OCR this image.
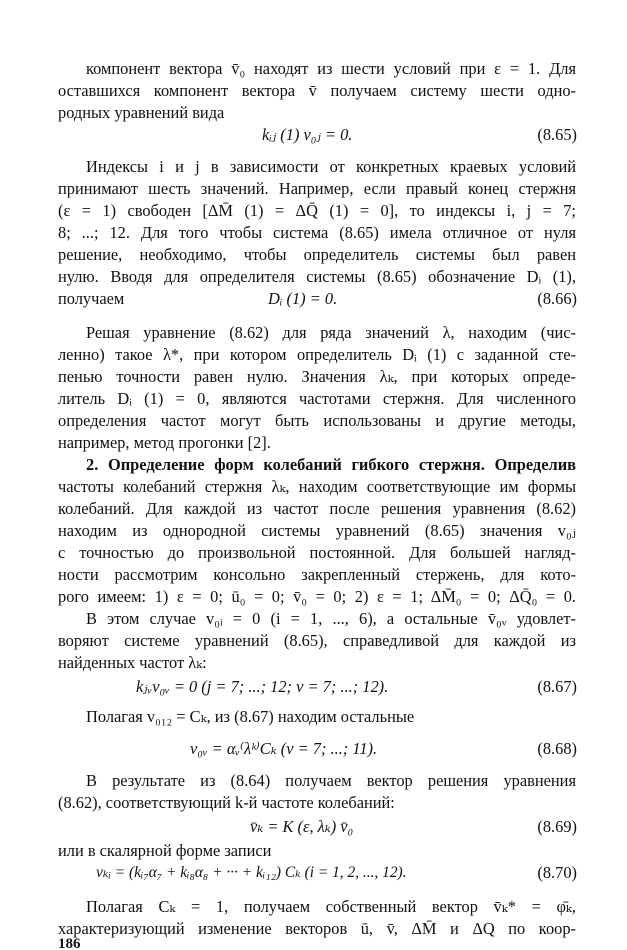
компонент вектора v̄₀ находят из шести условий при ε = 1. Для
оставшихся компонент вектора v̄ получаем систему шести одно-
родных уравнений вида
kᵢⱼ (1) v₀ⱼ = 0.	(8.65)
Индексы i и j в зависимости от конкретных краевых условий
принимают шесть значений. Например, если правый конец стержня
(ε = 1) свободен [ΔM̄ (1) = ΔQ̄ (1) = 0], то индексы i, j = 7;
8; ...; 12. Для того чтобы система (8.65) имела отличное от нуля
решение, необходимо, чтобы определитель системы был равен
нулю. Вводя для определителя системы (8.65) обозначение Dᵢ (1),
получаем	Dᵢ (1) = 0.	(8.66)
Решая уравнение (8.62) для ряда значений λ, находим (чис-
ленно) такое λ*, при котором определитель Dᵢ (1) с заданной сте-
пенью точности равен нулю. Значения λₖ, при которых опреде-
литель Dᵢ (1) = 0, являются частотами стержня. Для численного
определения частот могут быть использованы и другие методы,
например, метод прогонки [2].
2. Определение форм колебаний гибкого стержня. Определив
частоты колебаний стержня λₖ, находим соответствующие им формы
колебаний. Для каждой из частот после решения уравнения (8.62)
находим из однородной системы уравнений (8.65) значения v₀ⱼ
с точностью до произвольной постоянной. Для большей нагляд-
ности рассмотрим консольно закрепленный стержень, для кото-
рого имеем: 1) ε = 0; ū₀ = 0; v̄₀ = 0; 2) ε = 1; ΔM̄₀ = 0; ΔQ̄₀ = 0.
В этом случае v₀ᵢ = 0 (i = 1, ..., 6), а остальные v̄₀ᵥ удовлет-
воряют системе уравнений (8.65), справедливой для каждой из
найденных частот λₖ:
kⱼᵥv₀ᵥ = 0 (j = 7; ...; 12; ν = 7; ...; 12).	(8.67)
Полагая v₀₁₂ = Cₖ, из (8.67) находим остальные
v₀ᵥ = αᵥ⁽λᵏ⁾Cₖ (ν = 7; ...; 11).	(8.68)
В результате из (8.64) получаем вектор решения уравнения
(8.62), соответствующий k-й частоте колебаний:
v̄ₖ = K (ε, λₖ) v̄₀	(8.69)
или в скалярной форме записи
vₖᵢ = (kᵢ₇α₇ + kᵢ₈α₈ + ··· + kᵢ₁₂) Cₖ (i = 1, 2, ..., 12).	(8.70)
Полагая Cₖ = 1, получаем собственный вектор v̄ₖ* = φ̄ₖ,
характеризующий изменение векторов ū, v̄, ΔM̄ и ΔQ по коор-
186
